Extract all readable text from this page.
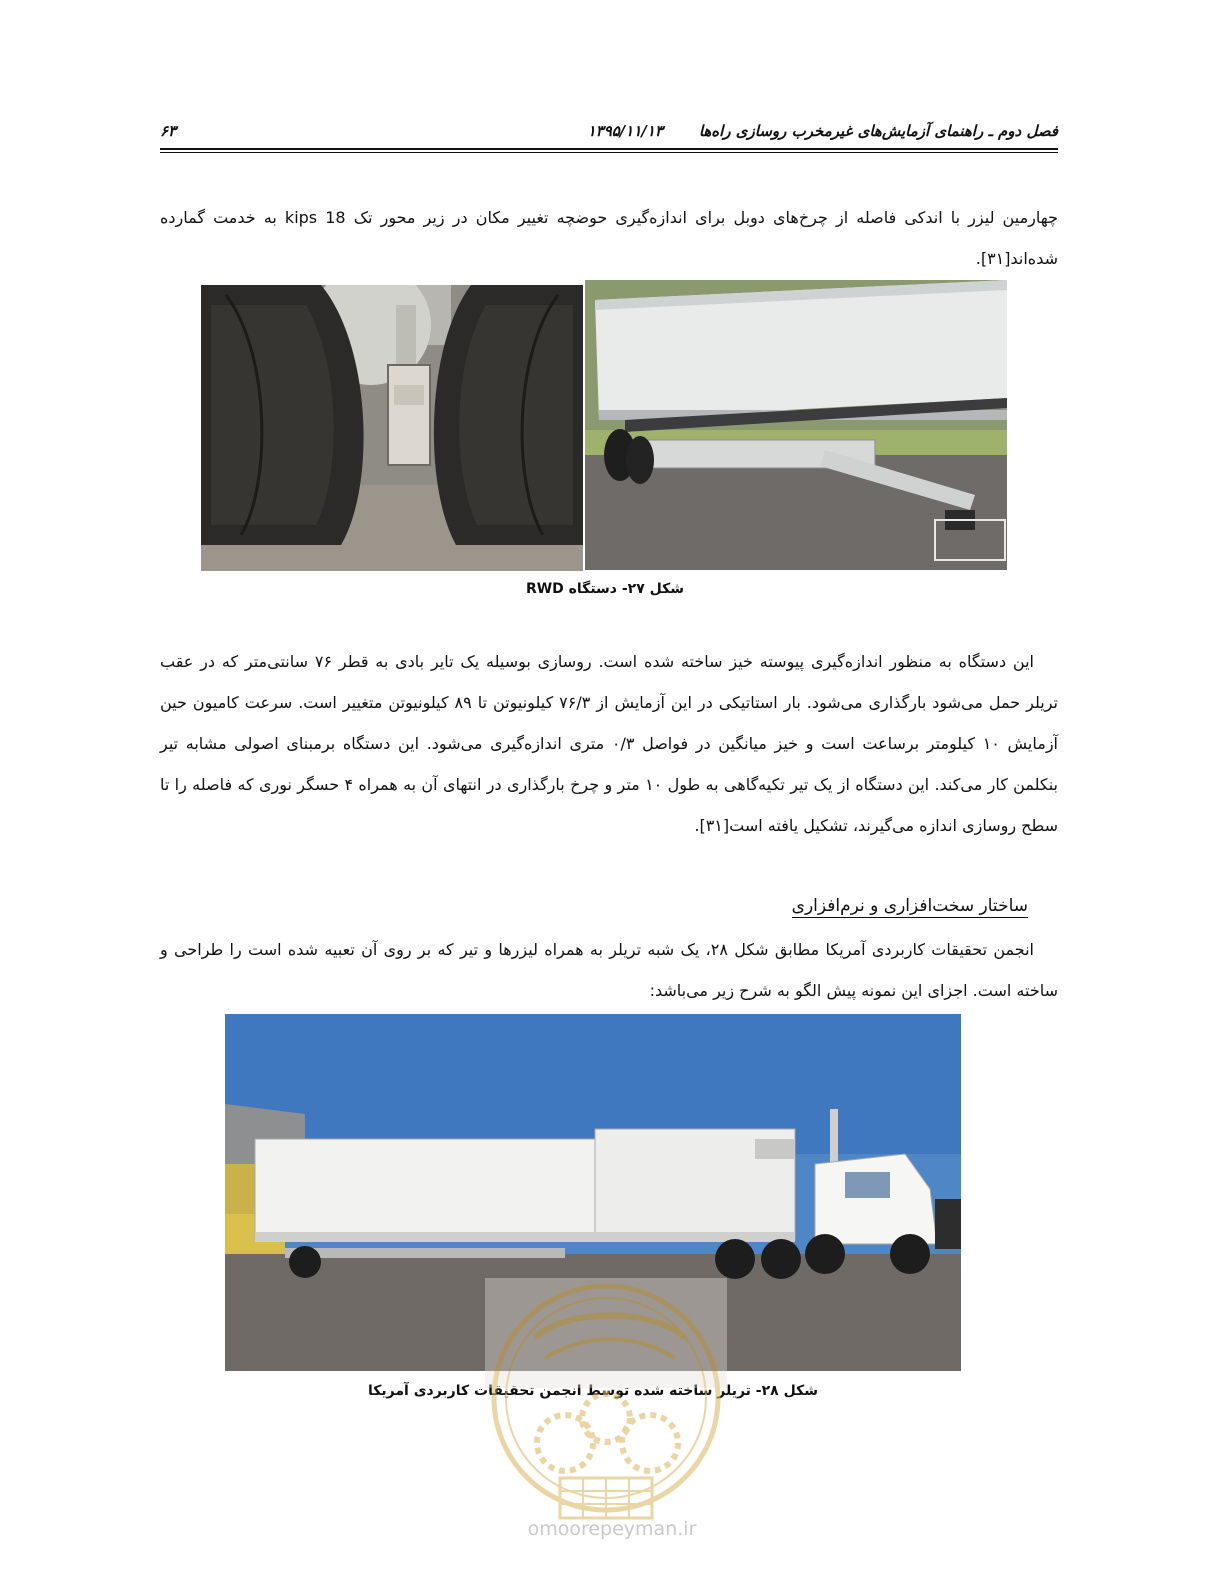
فصل دوم ـ راهنمای آزمایش‌های غیرمخرب روسازی راه‌ها
۱۳۹۵/۱۱/۱۳
۶۳

چهارمین لیزر با اندکی فاصله از چرخ‌های دوبل برای اندازه‌گیری حوضچه تغییر مکان در زیر محور تک 18 kips به خدمت گمارده شده‌اند[۳۱].

شکل ۲۷- دستگاه RWD

این دستگاه به منظور اندازه‌گیری پیوسته خیز ساخته شده است. روسازی بوسیله یک تایر بادی به قطر ۷۶ سانتی‌متر که در عقب تریلر حمل می‌شود بارگذاری می‌شود. بار استاتیکی در این آزمایش از ۷۶/۳ کیلونیوتن تا ۸۹ کیلونیوتن متغییر است. سرعت کامیون حین آزمایش ۱۰ کیلومتر برساعت است و خیز میانگین در فواصل ۰/۳ متری اندازه‌گیری می‌شود. این دستگاه برمبنای اصولی مشابه تیر بنکلمن کار می‌کند. این دستگاه از یک تیر تکیه‌گاهی به طول ۱۰ متر و چرخ بارگذاری در انتهای آن به همراه ۴ حسگر نوری که فاصله را تا سطح روسازی اندازه می‌گیرند، تشکیل یافته است[۳۱].

ساختار سخت‌افزاری و نرم‌افزاری

انجمن تحقیقات کاربردی آمریکا مطابق شکل ۲۸، یک شبه تریلر به همراه لیزرها و تیر که بر روی آن تعبیه شده است را طراحی و ساخته است. اجزای این نمونه پیش الگو به شرح زیر می‌باشد:

شکل ۲۸- تریلر ساخته شده توسط انجمن تحقیقات کاربردی آمریکا
omoorepeyman.ir
